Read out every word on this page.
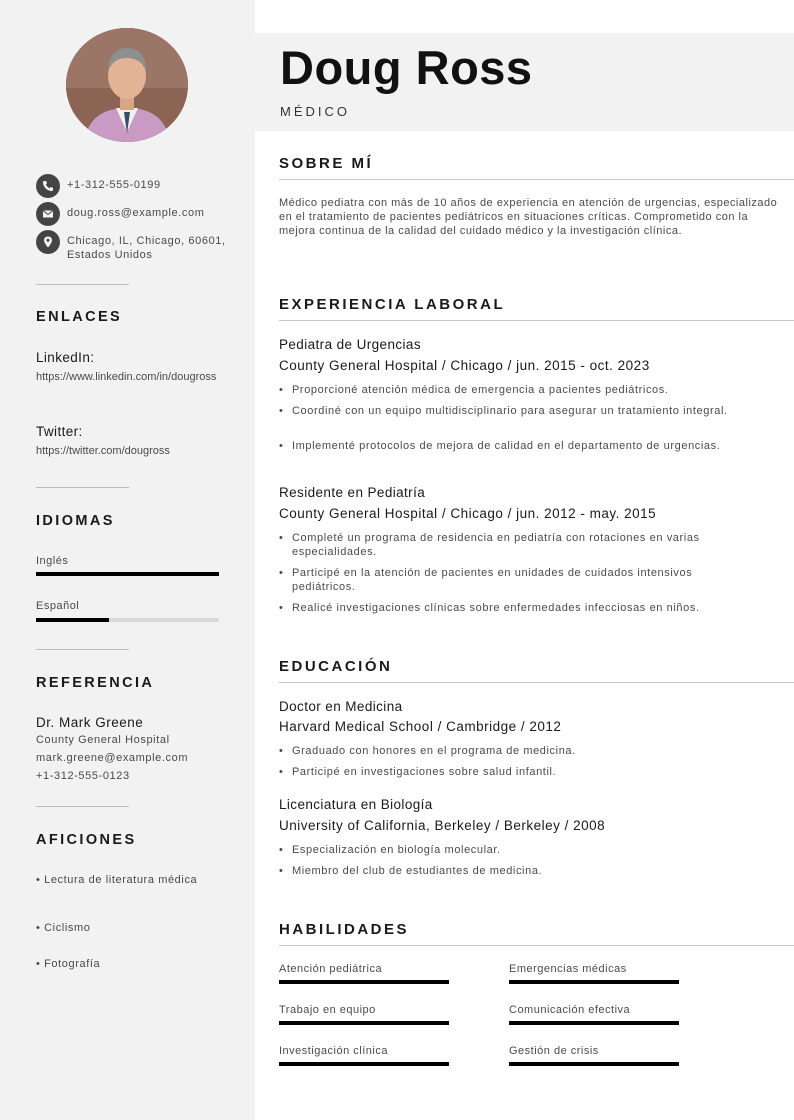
+1-312-555-0199
doug.ross@example.com
Chicago, IL, Chicago, 60601, Estados Unidos
ENLACES
LinkedIn:
https://www.linkedin.com/in/dougross
Twitter:
https://twitter.com/dougross
IDIOMAS
Inglés
Español
REFERENCIA
Dr. Mark Greene
County General Hospital
mark.greene@example.com
+1-312-555-0123
AFICIONES
• Lectura de literatura médica
• Ciclismo
• Fotografía
Doug Ross
MÉDICO
SOBRE MÍ
Médico pediatra con más de 10 años de experiencia en atención de urgencias, especializado en el tratamiento de pacientes pediátricos en situaciones críticas. Comprometido con la mejora continua de la calidad del cuidado médico y la investigación clínica.
EXPERIENCIA LABORAL
Pediatra de Urgencias
County General Hospital / Chicago / jun. 2015 - oct. 2023
• Proporcioné atención médica de emergencia a pacientes pediátricos.
• Coordiné con un equipo multidisciplinario para asegurar un tratamiento integral.
• Implementé protocolos de mejora de calidad en el departamento de urgencias.
Residente en Pediatría
County General Hospital / Chicago / jun. 2012 - may. 2015
• Completé un programa de residencia en pediatría con rotaciones en varias especialidades.
• Participé en la atención de pacientes en unidades de cuidados intensivos pediátricos.
• Realicé investigaciones clínicas sobre enfermedades infecciosas en niños.
EDUCACIÓN
Doctor en Medicina
Harvard Medical School / Cambridge / 2012
• Graduado con honores en el programa de medicina.
• Participé en investigaciones sobre salud infantil.
Licenciatura en Biología
University of California, Berkeley / Berkeley / 2008
• Especialización en biología molecular.
• Miembro del club de estudiantes de medicina.
HABILIDADES
Atención pediátrica	Emergencias médicas
Trabajo en equipo	Comunicación efectiva
Investigación clínica	Gestión de crisis
